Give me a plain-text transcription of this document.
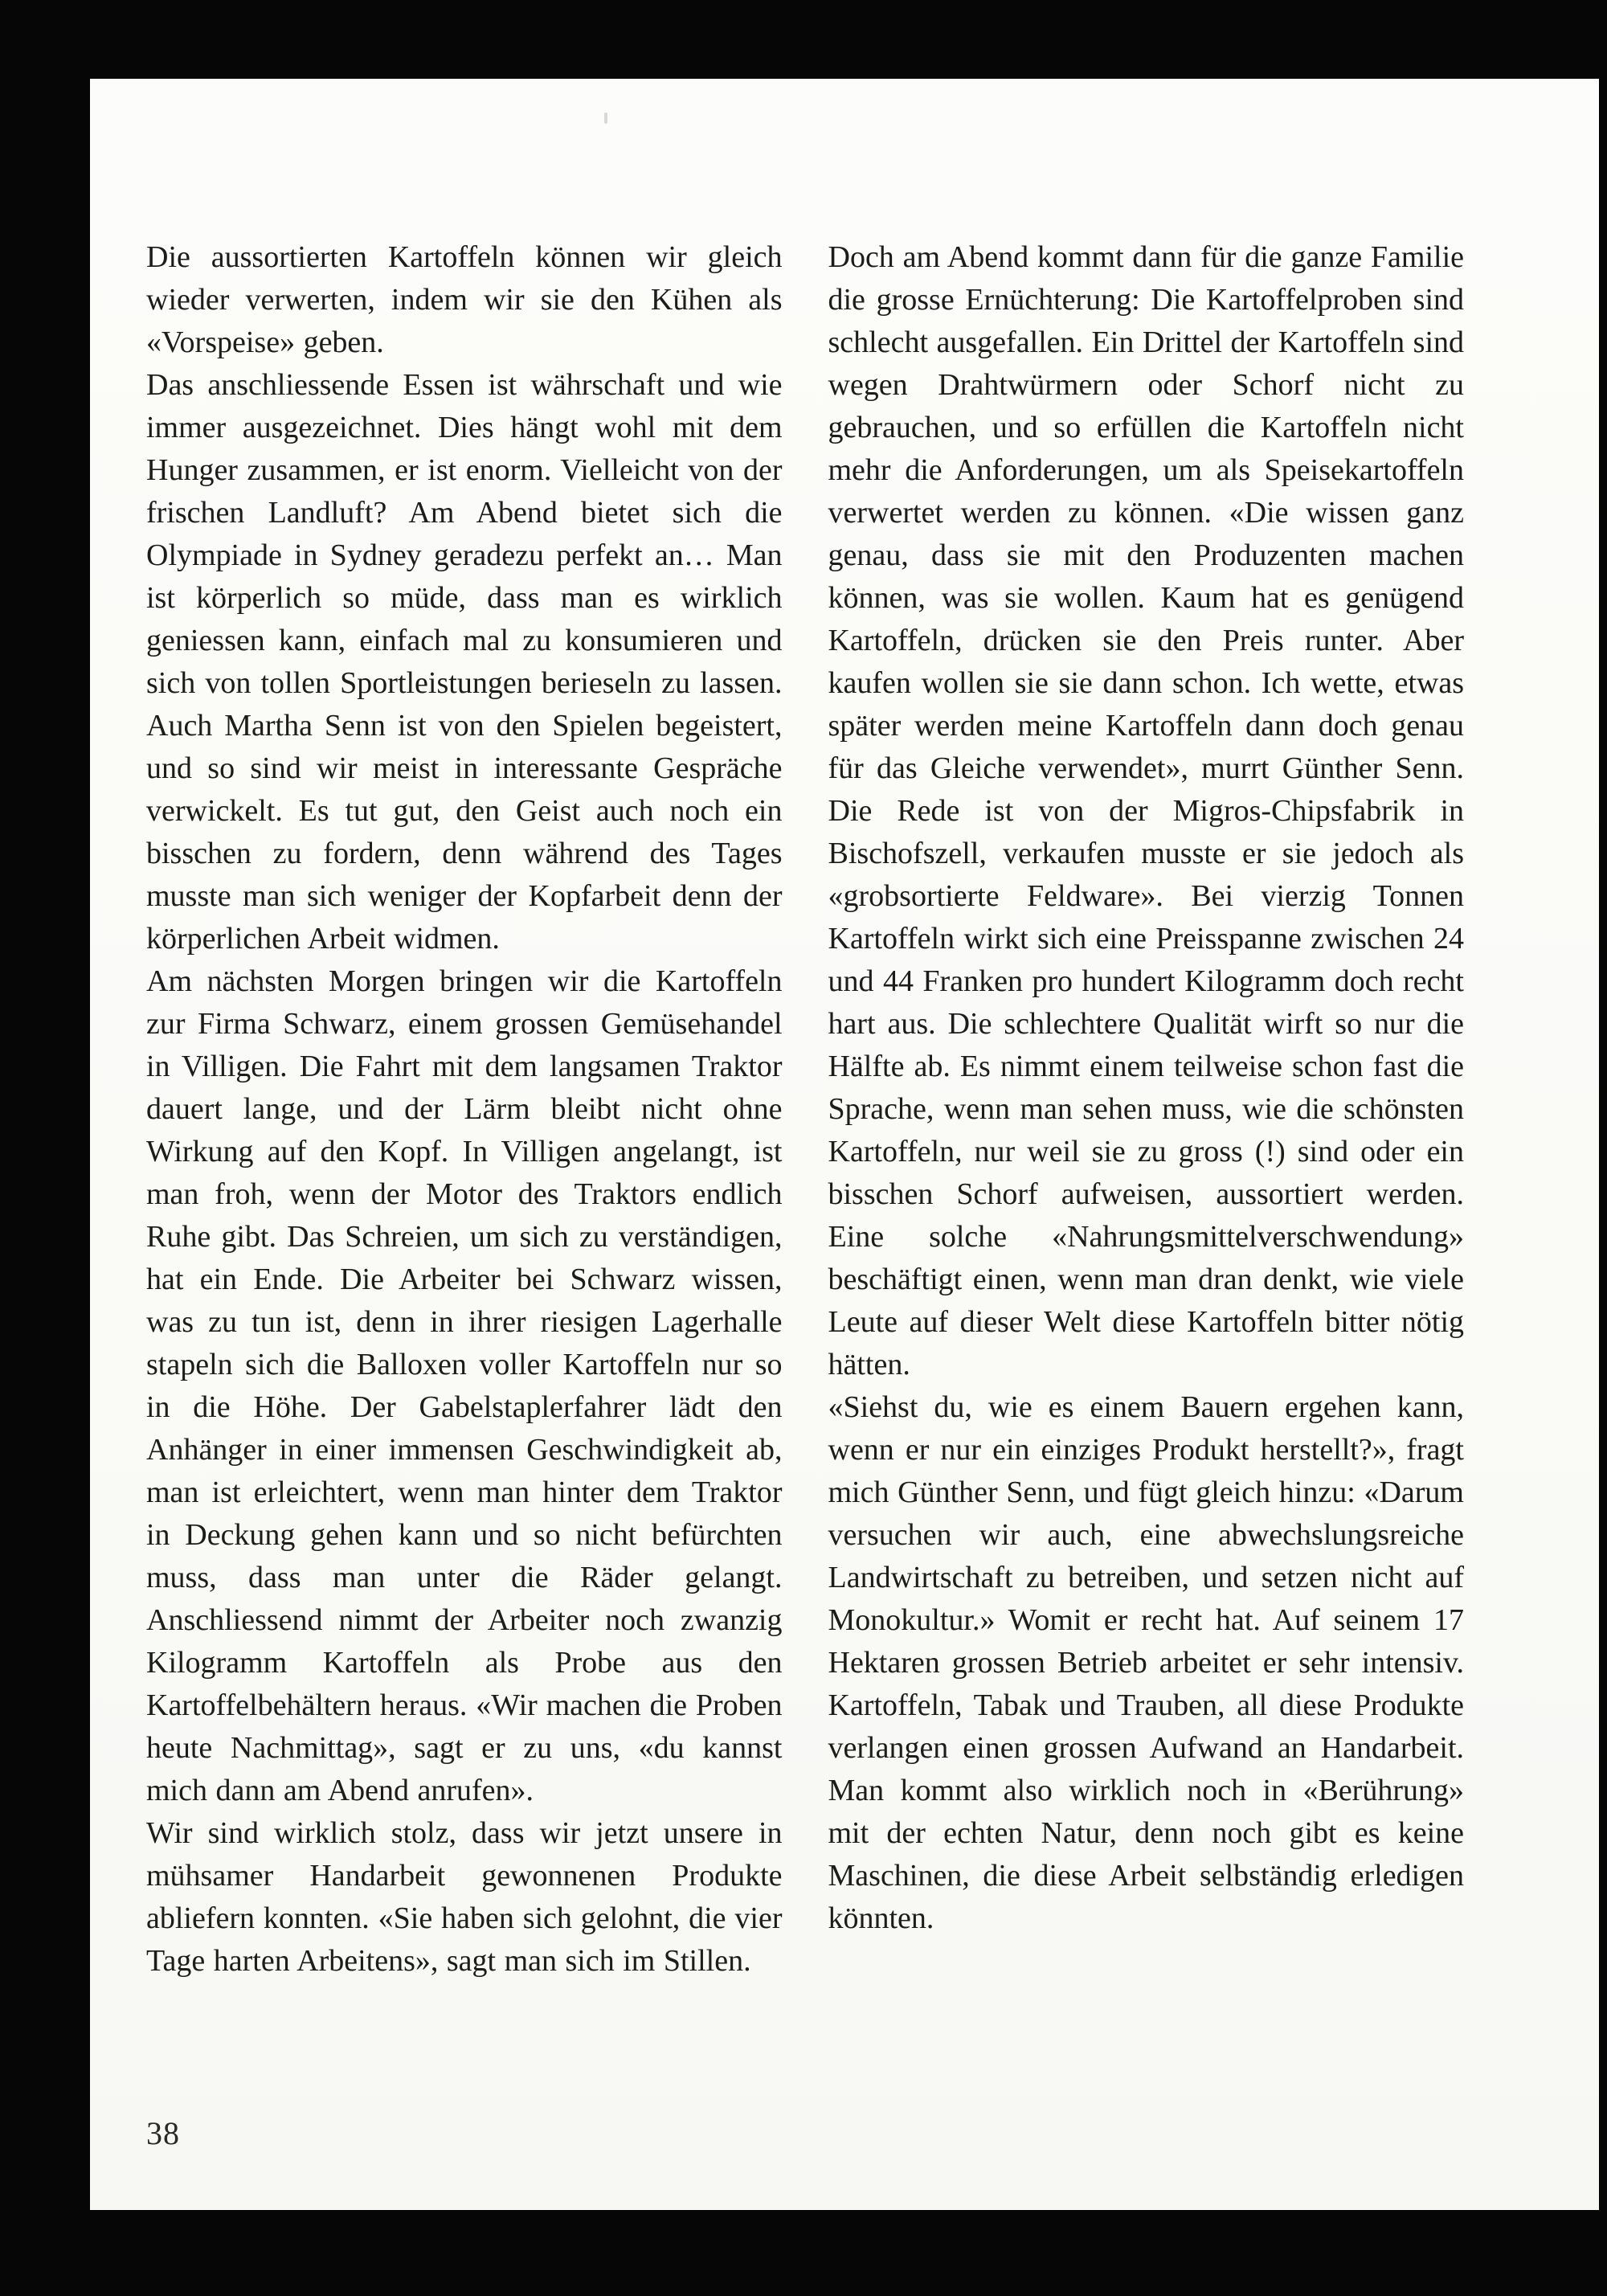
Die aussortierten Kartoffeln können wir gleich wieder verwerten, indem wir sie den Kühen als «Vorspeise» geben.

Das anschliessende Essen ist währschaft und wie immer ausgezeichnet. Dies hängt wohl mit dem Hunger zusammen, er ist enorm. Vielleicht von der frischen Landluft? Am Abend bietet sich die Olympiade in Sydney geradezu perfekt an… Man ist körperlich so müde, dass man es wirklich geniessen kann, einfach mal zu konsumieren und sich von tollen Sportleistungen berieseln zu lassen. Auch Martha Senn ist von den Spielen begeistert, und so sind wir meist in interessante Gespräche verwickelt. Es tut gut, den Geist auch noch ein bisschen zu fordern, denn während des Tages musste man sich weniger der Kopfarbeit denn der körperlichen Arbeit widmen.

Am nächsten Morgen bringen wir die Kartoffeln zur Firma Schwarz, einem grossen Gemüsehandel in Villigen. Die Fahrt mit dem langsamen Traktor dauert lange, und der Lärm bleibt nicht ohne Wirkung auf den Kopf. In Villigen angelangt, ist man froh, wenn der Motor des Traktors endlich Ruhe gibt. Das Schreien, um sich zu verständigen, hat ein Ende. Die Arbeiter bei Schwarz wissen, was zu tun ist, denn in ihrer riesigen Lagerhalle stapeln sich die Balloxen voller Kartoffeln nur so in die Höhe. Der Gabelstaplerfahrer lädt den Anhänger in einer immensen Geschwindigkeit ab, man ist erleichtert, wenn man hinter dem Traktor in Deckung gehen kann und so nicht befürchten muss, dass man unter die Räder gelangt. Anschliessend nimmt der Arbeiter noch zwanzig Kilogramm Kartoffeln als Probe aus den Kartoffelbehältern heraus. «Wir machen die Proben heute Nachmittag», sagt er zu uns, «du kannst mich dann am Abend anrufen».

Wir sind wirklich stolz, dass wir jetzt unsere in mühsamer Handarbeit gewonnenen Produkte abliefern konnten. «Sie haben sich gelohnt, die vier Tage harten Arbeitens», sagt man sich im Stillen.

Doch am Abend kommt dann für die ganze Familie die grosse Ernüchterung: Die Kartoffelproben sind schlecht ausgefallen. Ein Drittel der Kartoffeln sind wegen Drahtwürmern oder Schorf nicht zu gebrauchen, und so erfüllen die Kartoffeln nicht mehr die Anforderungen, um als Speisekartoffeln verwertet werden zu können. «Die wissen ganz genau, dass sie mit den Produzenten machen können, was sie wollen. Kaum hat es genügend Kartoffeln, drücken sie den Preis runter. Aber kaufen wollen sie sie dann schon. Ich wette, etwas später werden meine Kartoffeln dann doch genau für das Gleiche verwendet», murrt Günther Senn. Die Rede ist von der Migros-Chipsfabrik in Bischofszell, verkaufen musste er sie jedoch als «grobsortierte Feldware». Bei vierzig Tonnen Kartoffeln wirkt sich eine Preisspanne zwischen 24 und 44 Franken pro hundert Kilogramm doch recht hart aus. Die schlechtere Qualität wirft so nur die Hälfte ab. Es nimmt einem teilweise schon fast die Sprache, wenn man sehen muss, wie die schönsten Kartoffeln, nur weil sie zu gross (!) sind oder ein bisschen Schorf aufweisen, aussortiert werden. Eine solche «Nahrungsmittelverschwendung» beschäftigt einen, wenn man dran denkt, wie viele Leute auf dieser Welt diese Kartoffeln bitter nötig hätten.

«Siehst du, wie es einem Bauern ergehen kann, wenn er nur ein einziges Produkt herstellt?», fragt mich Günther Senn, und fügt gleich hinzu: «Darum versuchen wir auch, eine abwechslungsreiche Landwirtschaft zu betreiben, und setzen nicht auf Monokultur.» Womit er recht hat. Auf seinem 17 Hektaren grossen Betrieb arbeitet er sehr intensiv. Kartoffeln, Tabak und Trauben, all diese Produkte verlangen einen grossen Aufwand an Handarbeit. Man kommt also wirklich noch in «Berührung» mit der echten Natur, denn noch gibt es keine Maschinen, die diese Arbeit selbständig erledigen könnten.

38
